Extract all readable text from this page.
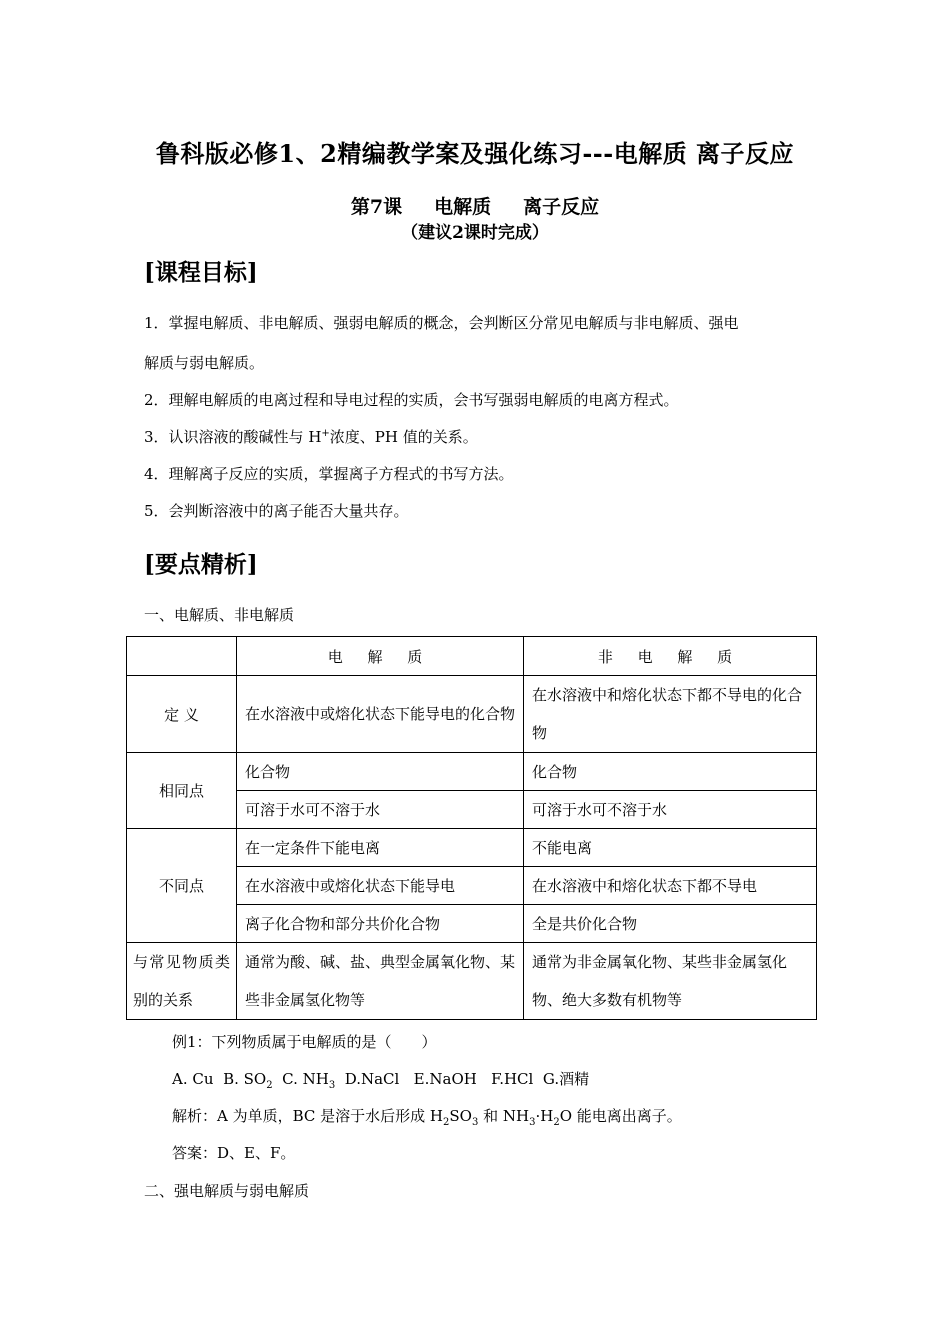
鲁科版必修1、2精编教学案及强化练习---电解质 离子反应
第7课 电解质 离子反应
（建议2课时完成）
[课程目标]
1．掌握电解质、非电解质、强弱电解质的概念，会判断区分常见电解质与非电解质、强电
解质与弱电解质。
2．理解电解质的电离过程和导电过程的实质，会书写强弱电解质的电离方程式。
3．认识溶液的酸碱性与 H+浓度、PH 值的关系。
4．理解离子反应的实质，掌握离子方程式的书写方法。
5．会判断溶液中的离子能否大量共存。
[要点精析]
一、电解质、非电解质
	电 解 质	非 电 解 质
定 义	在水溶液中或熔化状态下能导电的化合物	在水溶液中和熔化状态下都不导电的化合物
相同点	化合物	化合物
	可溶于水可不溶于水	可溶于水可不溶于水
不同点	在一定条件下能电离	不能电离
	在水溶液中或熔化状态下能导电	在水溶液中和熔化状态下都不导电
	离子化合物和部分共价化合物	全是共价化合物
与常见物质类别的关系	通常为酸、碱、盐、典型金属氧化物、某些非金属氢化物等	通常为非金属氧化物、某些非金属氢化物、绝大多数有机物等
例1：下列物质属于电解质的是（　　）
A. Cu B. $SO_2$ C. $NH_3$ D.NaCl E.NaOH F.HCl G.酒精
解析：A 为单质，BC 是溶于水后形成 $H_2SO_3$ 和 $NH_3\cdot H_2O$ 能电离出离子。
答案：D、E、F。
二、强电解质与弱电解质
